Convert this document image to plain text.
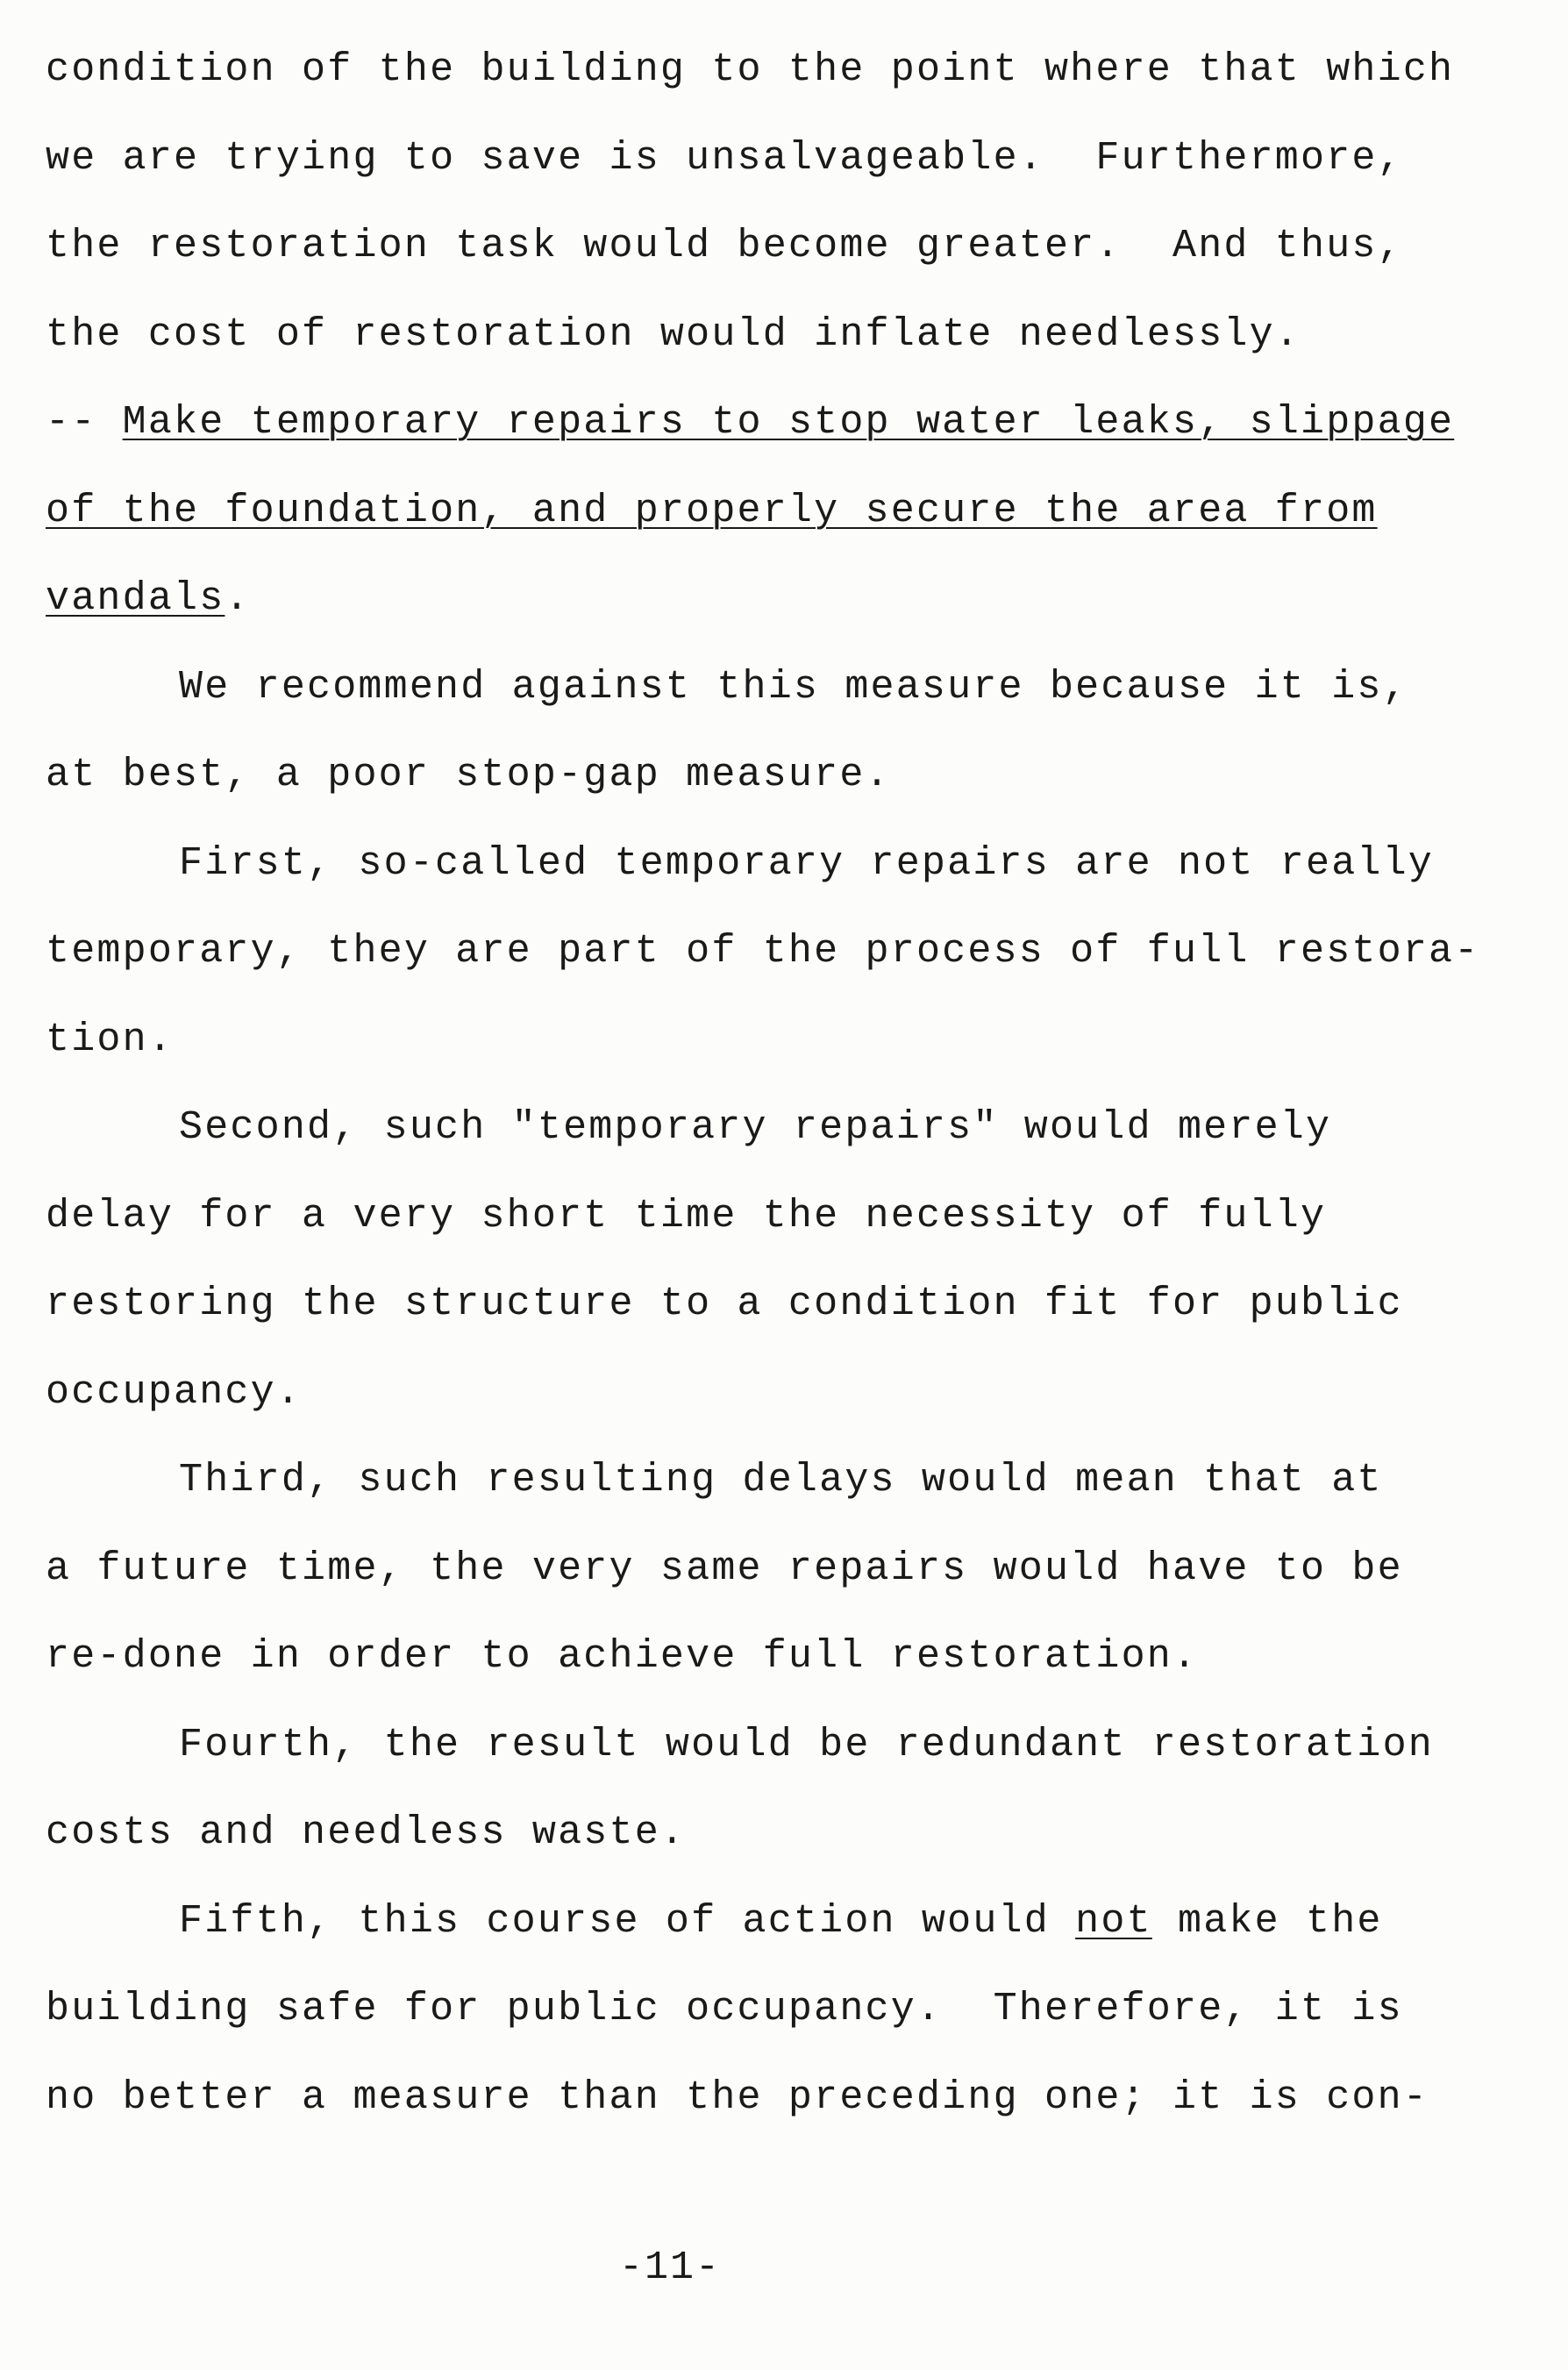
condition of the building to the point where that which
we are trying to save is unsalvageable.  Furthermore,
the restoration task would become greater.  And thus,
the cost of restoration would inflate needlessly.
-- Make temporary repairs to stop water leaks, slippage
of the foundation, and properly secure the area from
vandals.
We recommend against this measure because it is,
at best, a poor stop-gap measure.
First, so-called temporary repairs are not really
temporary, they are part of the process of full restora-
tion.
Second, such "temporary repairs" would merely
delay for a very short time the necessity of fully
restoring the structure to a condition fit for public
occupancy.
Third, such resulting delays would mean that at
a future time, the very same repairs would have to be
re-done in order to achieve full restoration.
Fourth, the result would be redundant restoration
costs and needless waste.
Fifth, this course of action would not make the
building safe for public occupancy.  Therefore, it is
no better a measure than the preceding one; it is con-
-11-
